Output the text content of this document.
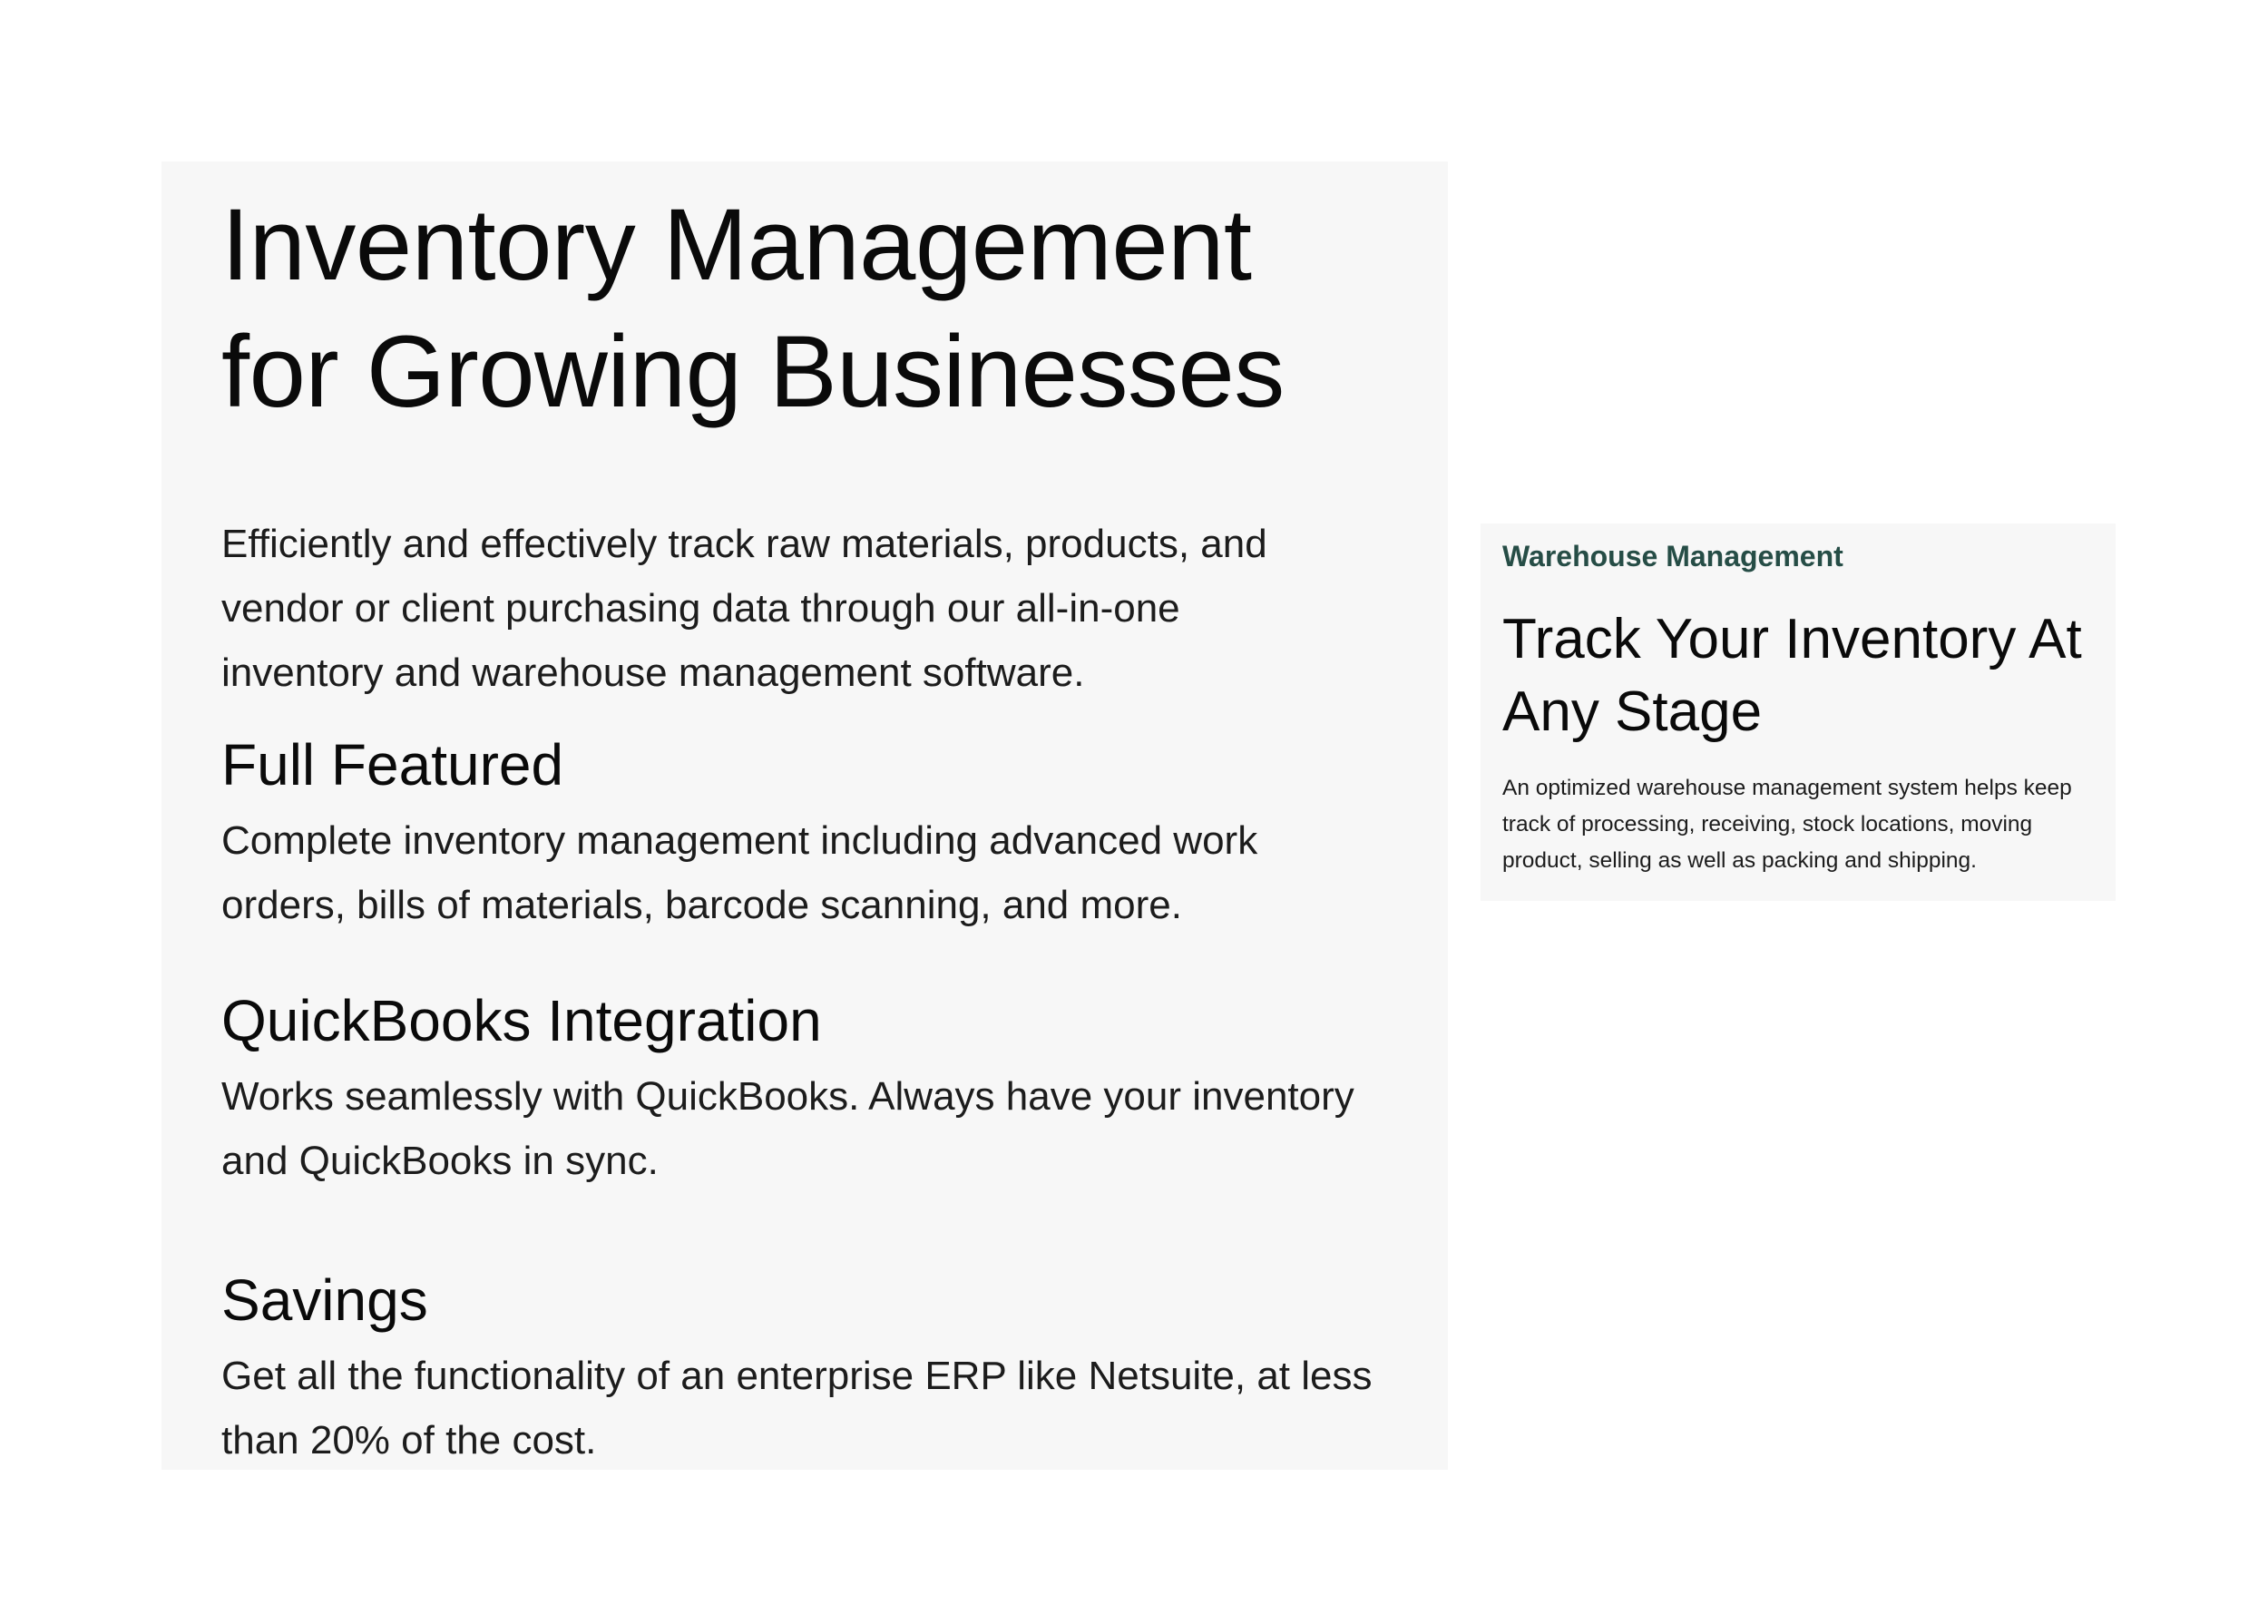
Inventory Management
for Growing Businesses

Efficiently and effectively track raw materials, products, and vendor or client purchasing data through our all-in-one inventory and warehouse management software.

Full Featured

Complete inventory management including advanced work orders, bills of materials, barcode scanning, and more.

QuickBooks Integration

Works seamlessly with QuickBooks. Always have your inventory and QuickBooks in sync.

Savings

Get all the functionality of an enterprise ERP like Netsuite, at less than 20% of the cost.

Warehouse Management

Track Your Inventory At Any Stage

An optimized warehouse management system helps keep track of processing, receiving, stock locations, moving product, selling as well as packing and shipping.
